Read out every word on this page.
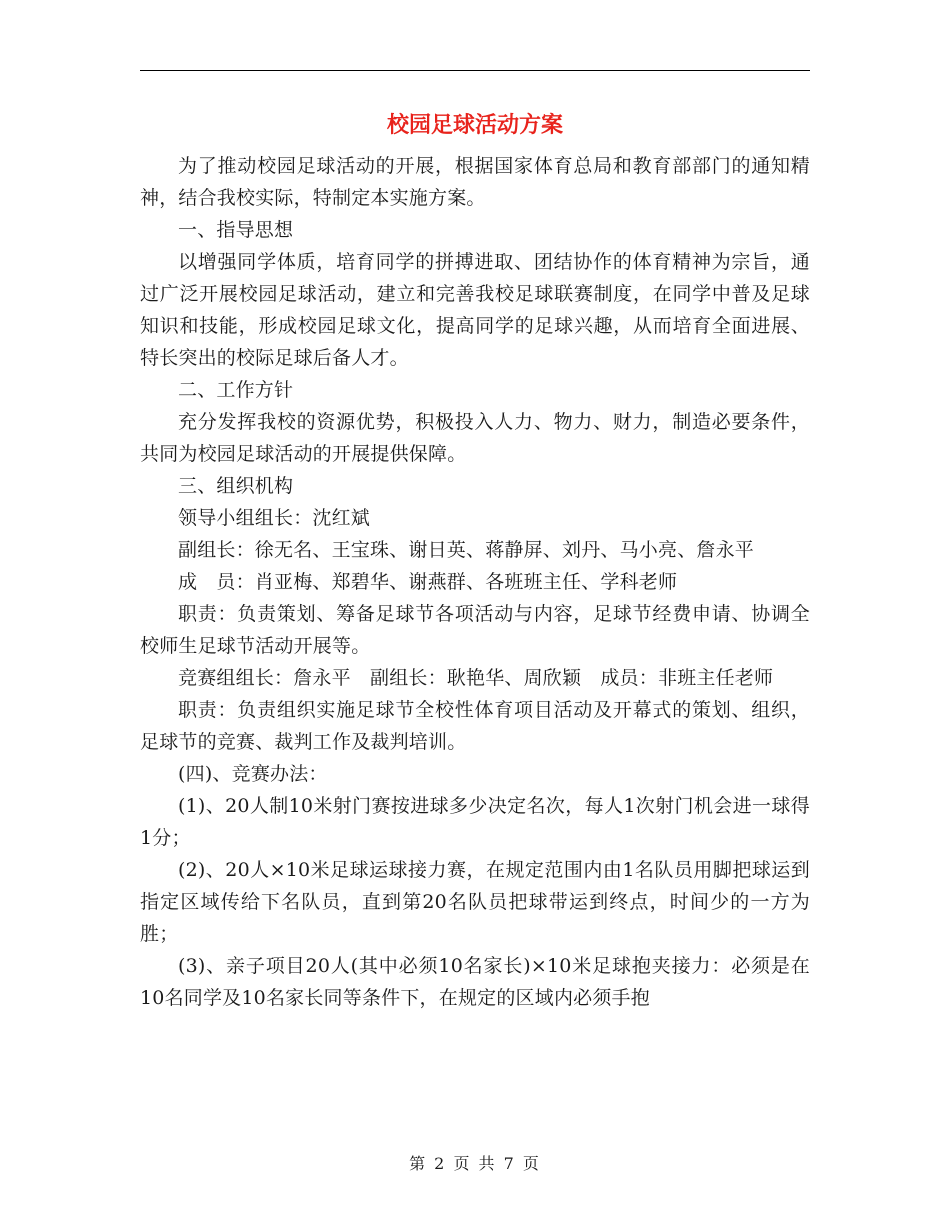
校园足球活动方案

为了推动校园足球活动的开展，根据国家体育总局和教育部部门的通知精神，结合我校实际，特制定本实施方案。

一、指导思想

以增强同学体质，培育同学的拼搏进取、团结协作的体育精神为宗旨，通过广泛开展校园足球活动，建立和完善我校足球联赛制度，在同学中普及足球知识和技能，形成校园足球文化，提高同学的足球兴趣，从而培育全面进展、特长突出的校际足球后备人才。

二、工作方针

充分发挥我校的资源优势，积极投入人力、物力、财力，制造必要条件，共同为校园足球活动的开展提供保障。

三、组织机构

领导小组组长：沈红斌

副组长：徐无名、王宝珠、谢日英、蒋静屏、刘丹、马小亮、詹永平

成　员：肖亚梅、郑碧华、谢燕群、各班班主任、学科老师

职责：负责策划、筹备足球节各项活动与内容，足球节经费申请、协调全校师生足球节活动开展等。

竞赛组组长：詹永平　副组长：耿艳华、周欣颖　成员：非班主任老师

职责：负责组织实施足球节全校性体育项目活动及开幕式的策划、组织，足球节的竞赛、裁判工作及裁判培训。

(四)、竞赛办法：

(1)、20人制10米射门赛按进球多少决定名次，每人1次射门机会进一球得1分；

(2)、20人×10米足球运球接力赛，在规定范围内由1名队员用脚把球运到指定区域传给下名队员，直到第20名队员把球带运到终点，时间少的一方为胜；

(3)、亲子项目20人(其中必须10名家长)×10米足球抱夹接力：必须是在10名同学及10名家长同等条件下，在规定的区域内必须手抱

第 2 页 共 7 页
